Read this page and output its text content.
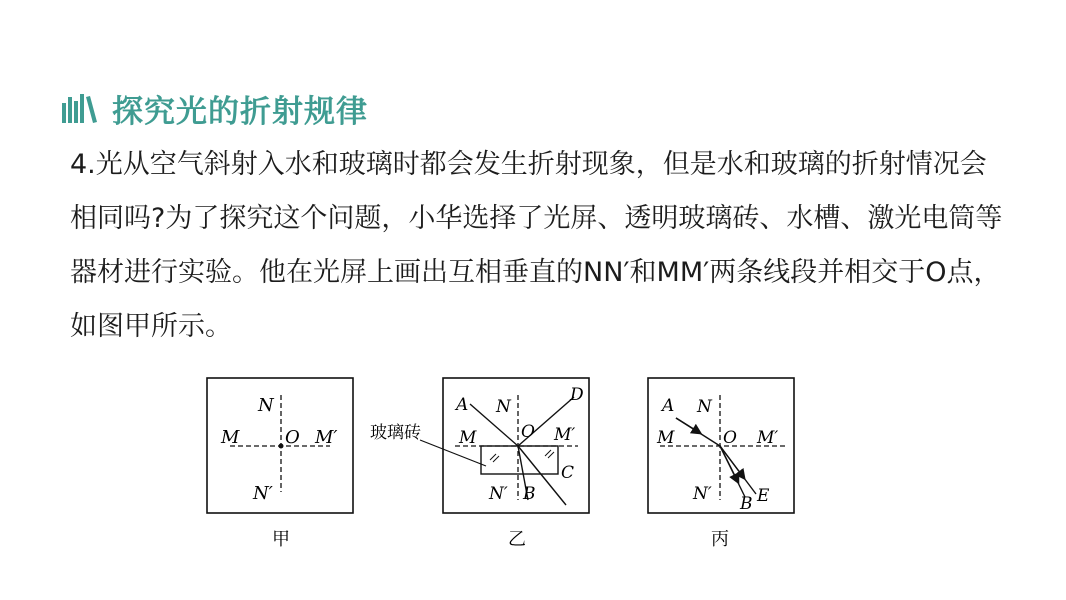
探究光的折射规律
4.光从空气斜射入水和玻璃时都会发生折射现象，但是水和玻璃的折射情况会相同吗?为了探究这个问题，小华选择了光屏、透明玻璃砖、水槽、激光电筒等器材进行实验。他在光屏上画出互相垂直的NN′和MM′两条线段并相交于O点，如图甲所示。
N
M	O M′
N′
玻璃砖
A N
D
O
M	M′
C
N′ B
A N
M	O M′
N′ B E
甲	乙	丙
